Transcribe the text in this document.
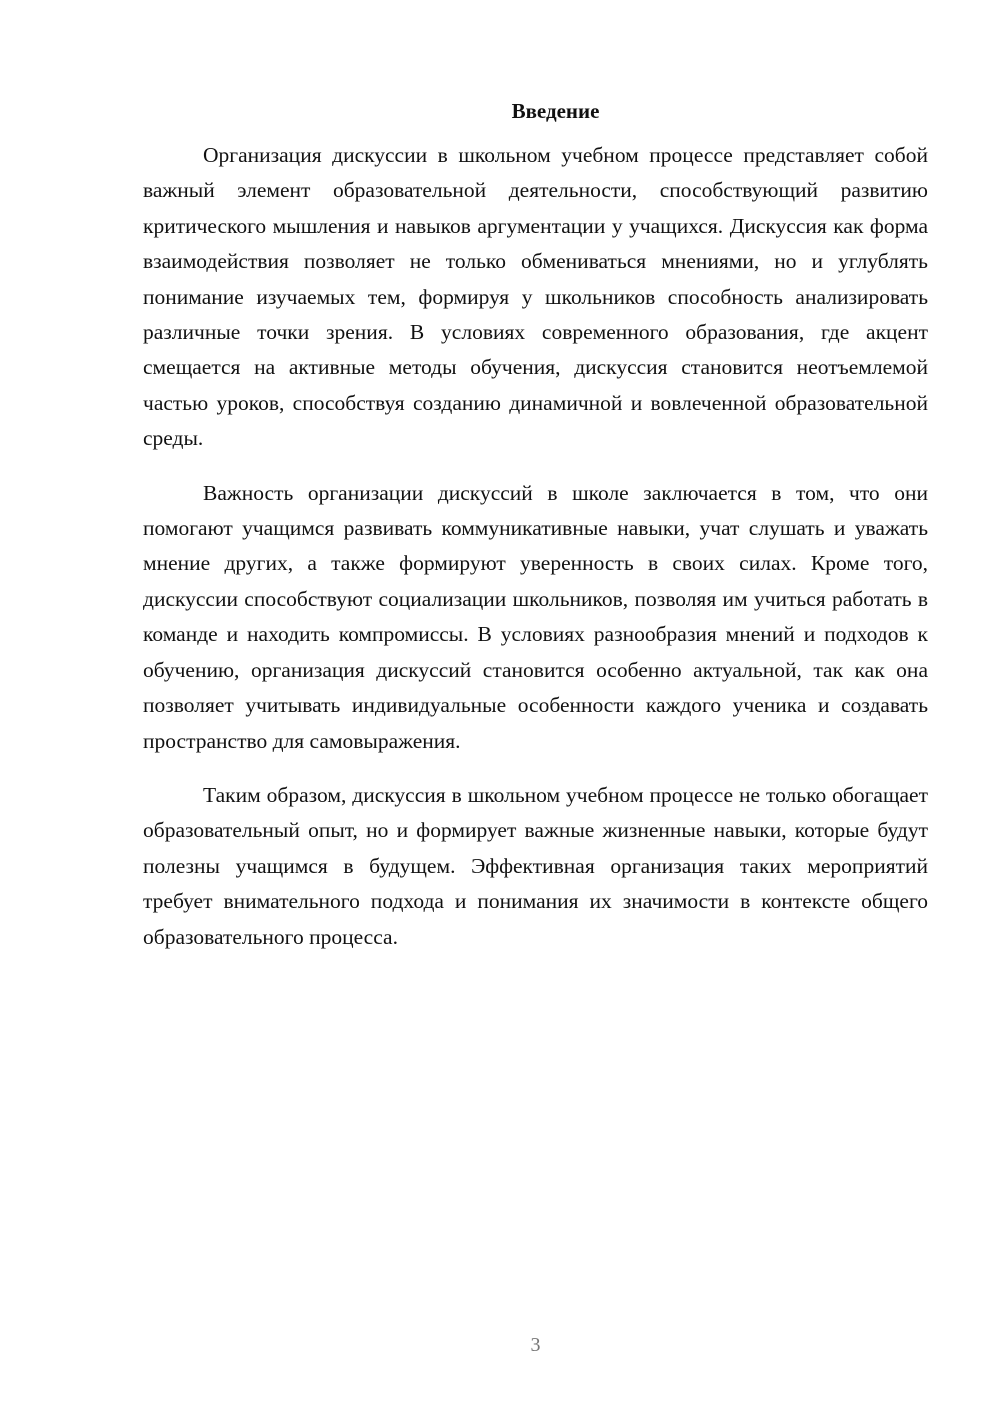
Введение

Организация дискуссии в школьном учебном процессе представляет собой важный элемент образовательной деятельности, способствующий развитию критического мышления и навыков аргументации у учащихся. Дискуссия как форма взаимодействия позволяет не только обмениваться мнениями, но и углублять понимание изучаемых тем, формируя у школьников способность анализировать различные точки зрения. В условиях современного образования, где акцент смещается на активные методы обучения, дискуссия становится неотъемлемой частью уроков, способствуя созданию динамичной и вовлеченной образовательной среды.

Важность организации дискуссий в школе заключается в том, что они помогают учащимся развивать коммуникативные навыки, учат слушать и уважать мнение других, а также формируют уверенность в своих силах. Кроме того, дискуссии способствуют социализации школьников, позволяя им учиться работать в команде и находить компромиссы. В условиях разнообразия мнений и подходов к обучению, организация дискуссий становится особенно актуальной, так как она позволяет учитывать индивидуальные особенности каждого ученика и создавать пространство для самовыражения.

Таким образом, дискуссия в школьном учебном процессе не только обогащает образовательный опыт, но и формирует важные жизненные навыки, которые будут полезны учащимся в будущем. Эффективная организация таких мероприятий требует внимательного подхода и понимания их значимости в контексте общего образовательного процесса.

3
